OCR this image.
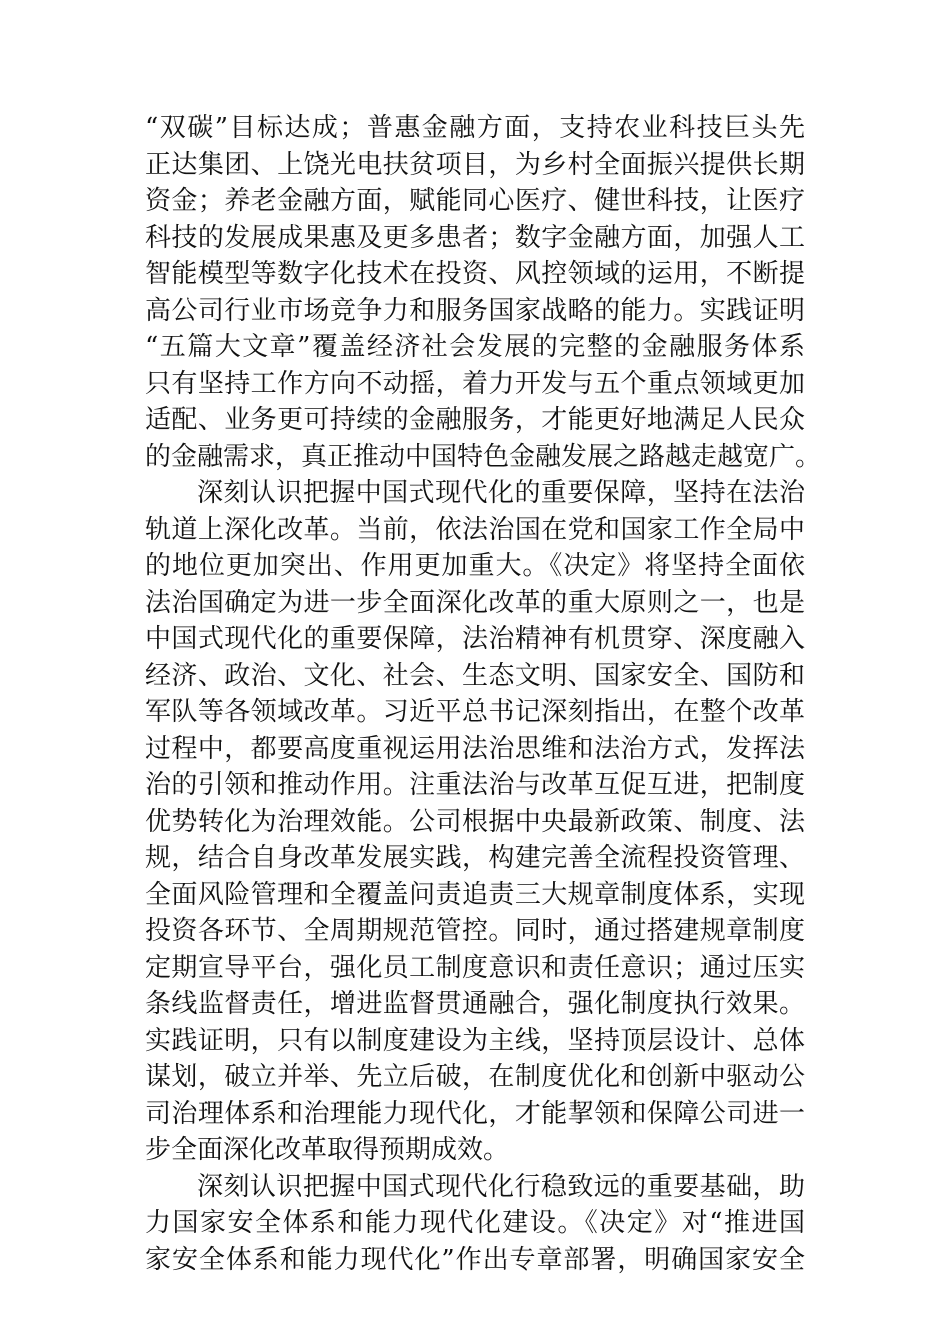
“双碳”目标达成；普惠金融方面，支持农业科技巨头先
正达集团、上饶光电扶贫项目，为乡村全面振兴提供长期
资金；养老金融方面，赋能同心医疗、健世科技，让医疗
科技的发展成果惠及更多患者；数字金融方面，加强人工
智能模型等数字化技术在投资、风控领域的运用，不断提
高公司行业市场竞争力和服务国家战略的能力。实践证明
“五篇大文章”覆盖经济社会发展的完整的金融服务体系
只有坚持工作方向不动摇，着力开发与五个重点领域更加
适配、业务更可持续的金融服务，才能更好地满足人民众
的金融需求，真正推动中国特色金融发展之路越走越宽广。
深刻认识把握中国式现代化的重要保障，坚持在法治
轨道上深化改革。当前，依法治国在党和国家工作全局中
的地位更加突出、作用更加重大。《决定》将坚持全面依
法治国确定为进一步全面深化改革的重大原则之一，也是
中国式现代化的重要保障，法治精神有机贯穿、深度融入
经济、政治、文化、社会、生态文明、国家安全、国防和
军队等各领域改革。习近平总书记深刻指出，在整个改革
过程中，都要高度重视运用法治思维和法治方式，发挥法
治的引领和推动作用。注重法治与改革互促互进，把制度
优势转化为治理效能。公司根据中央最新政策、制度、法
规，结合自身改革发展实践，构建完善全流程投资管理、
全面风险管理和全覆盖问责追责三大规章制度体系，实现
投资各环节、全周期规范管控。同时，通过搭建规章制度
定期宣导平台，强化员工制度意识和责任意识；通过压实
条线监督责任，增进监督贯通融合，强化制度执行效果。
实践证明，只有以制度建设为主线，坚持顶层设计、总体
谋划，破立并举、先立后破，在制度优化和创新中驱动公
司治理体系和治理能力现代化，才能挈领和保障公司进一
步全面深化改革取得预期成效。
深刻认识把握中国式现代化行稳致远的重要基础，助
力国家安全体系和能力现代化建设。《决定》对“推进国
家安全体系和能力现代化”作出专章部署，明确国家安全
